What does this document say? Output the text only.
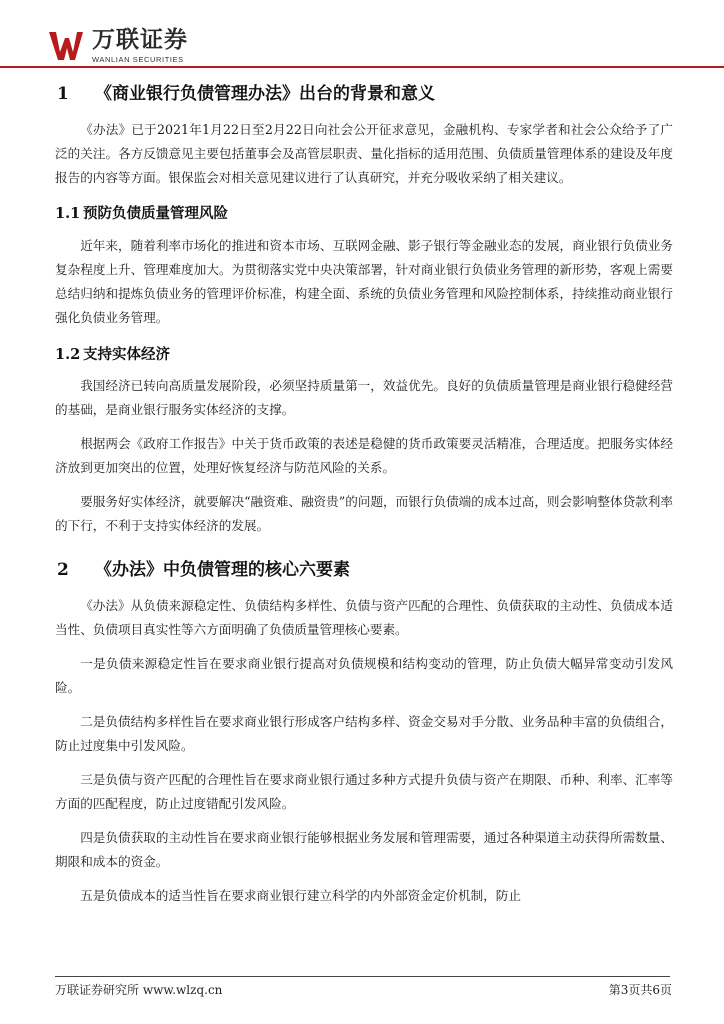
万联证券
WANLIAN SECURITIES
1 《商业银行负债管理办法》出台的背景和意义

《办法》已于2021年1月22日至2月22日向社会公开征求意见，金融机构、专家学者和社会公众给予了广泛的关注。各方反馈意见主要包括董事会及高管层职责、量化指标的适用范围、负债质量管理体系的建设及年度报告的内容等方面。银保监会对相关意见建议进行了认真研究，并充分吸收采纳了相关建议。

1.1 预防负债质量管理风险

近年来，随着利率市场化的推进和资本市场、互联网金融、影子银行等金融业态的发展，商业银行负债业务复杂程度上升、管理难度加大。为贯彻落实党中央决策部署，针对商业银行负债业务管理的新形势，客观上需要总结归纳和提炼负债业务的管理评价标准，构建全面、系统的负债业务管理和风险控制体系，持续推动商业银行强化负债业务管理。

1.2 支持实体经济

我国经济已转向高质量发展阶段，必须坚持质量第一，效益优先。良好的负债质量管理是商业银行稳健经营的基础，是商业银行服务实体经济的支撑。

根据两会《政府工作报告》中关于货币政策的表述是稳健的货币政策要灵活精准，合理适度。把服务实体经济放到更加突出的位置，处理好恢复经济与防范风险的关系。

要服务好实体经济，就要解决“融资难、融资贵”的问题，而银行负债端的成本过高，则会影响整体贷款利率的下行，不利于支持实体经济的发展。

2 《办法》中负债管理的核心六要素

《办法》从负债来源稳定性、负债结构多样性、负债与资产匹配的合理性、负债获取的主动性、负债成本适当性、负债项目真实性等六方面明确了负债质量管理核心要素。

一是负债来源稳定性旨在要求商业银行提高对负债规模和结构变动的管理，防止负债大幅异常变动引发风险。

二是负债结构多样性旨在要求商业银行形成客户结构多样、资金交易对手分散、业务品种丰富的负债组合，防止过度集中引发风险。

三是负债与资产匹配的合理性旨在要求商业银行通过多种方式提升负债与资产在期限、币种、利率、汇率等方面的匹配程度，防止过度错配引发风险。

四是负债获取的主动性旨在要求商业银行能够根据业务发展和管理需要，通过各种渠道主动获得所需数量、期限和成本的资金。

五是负债成本的适当性旨在要求商业银行建立科学的内外部资金定价机制，防止

万联证券研究所 www.wlzq.cn	第3页共6页
